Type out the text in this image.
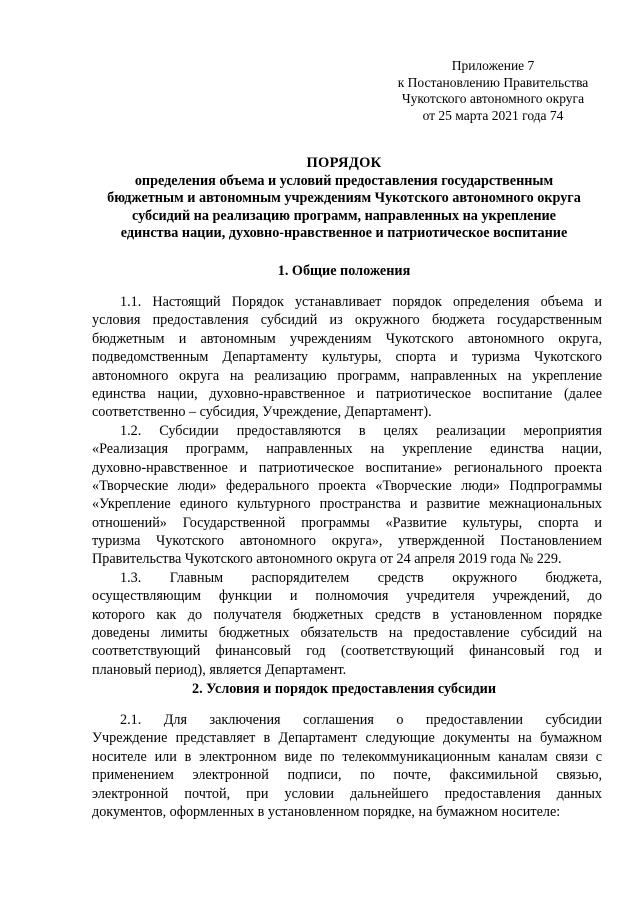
Приложение 7
к Постановлению Правительства
Чукотского автономного округа
от 25 марта 2021 года 74
ПОРЯДОК
определения объема и условий предоставления государственным
бюджетным и автономным учреждениям Чукотского автономного округа
субсидий на реализацию программ, направленных на укрепление
единства нации, духовно-нравственное и патриотическое воспитание
1. Общие положения
1.1. Настоящий Порядок устанавливает порядок определения объема и
условия предоставления субсидий из окружного бюджета государственным
бюджетным и автономным учреждениям Чукотского автономного округа,
подведомственным Департаменту культуры, спорта и туризма Чукотского
автономного округа на реализацию программ, направленных на укрепление
единства нации, духовно-нравственное и патриотическое воспитание (далее
соответственно – субсидия, Учреждение, Департамент).
1.2. Субсидии предоставляются в целях реализации мероприятия
«Реализация программ, направленных на укрепление единства нации,
духовно-нравственное и патриотическое воспитание» регионального проекта
«Творческие люди» федерального проекта «Творческие люди» Подпрограммы
«Укрепление единого культурного пространства и развитие межнациональных
отношений» Государственной программы «Развитие культуры, спорта и
туризма Чукотского автономного округа», утвержденной Постановлением
Правительства Чукотского автономного округа от 24 апреля 2019 года № 229.
1.3. Главным распорядителем средств окружного бюджета,
осуществляющим функции и полномочия учредителя учреждений, до
которого как до получателя бюджетных средств в установленном порядке
доведены лимиты бюджетных обязательств на предоставление субсидий на
соответствующий финансовый год (соответствующий финансовый год и
плановый период), является Департамент.
2. Условия и порядок предоставления субсидии
2.1. Для заключения соглашения о предоставлении субсидии
Учреждение представляет в Департамент следующие документы на бумажном
носителе или в электронном виде по телекоммуникационным каналам связи с
применением электронной подписи, по почте, факсимильной связью,
электронной почтой, при условии дальнейшего предоставления данных
документов, оформленных в установленном порядке, на бумажном носителе:
